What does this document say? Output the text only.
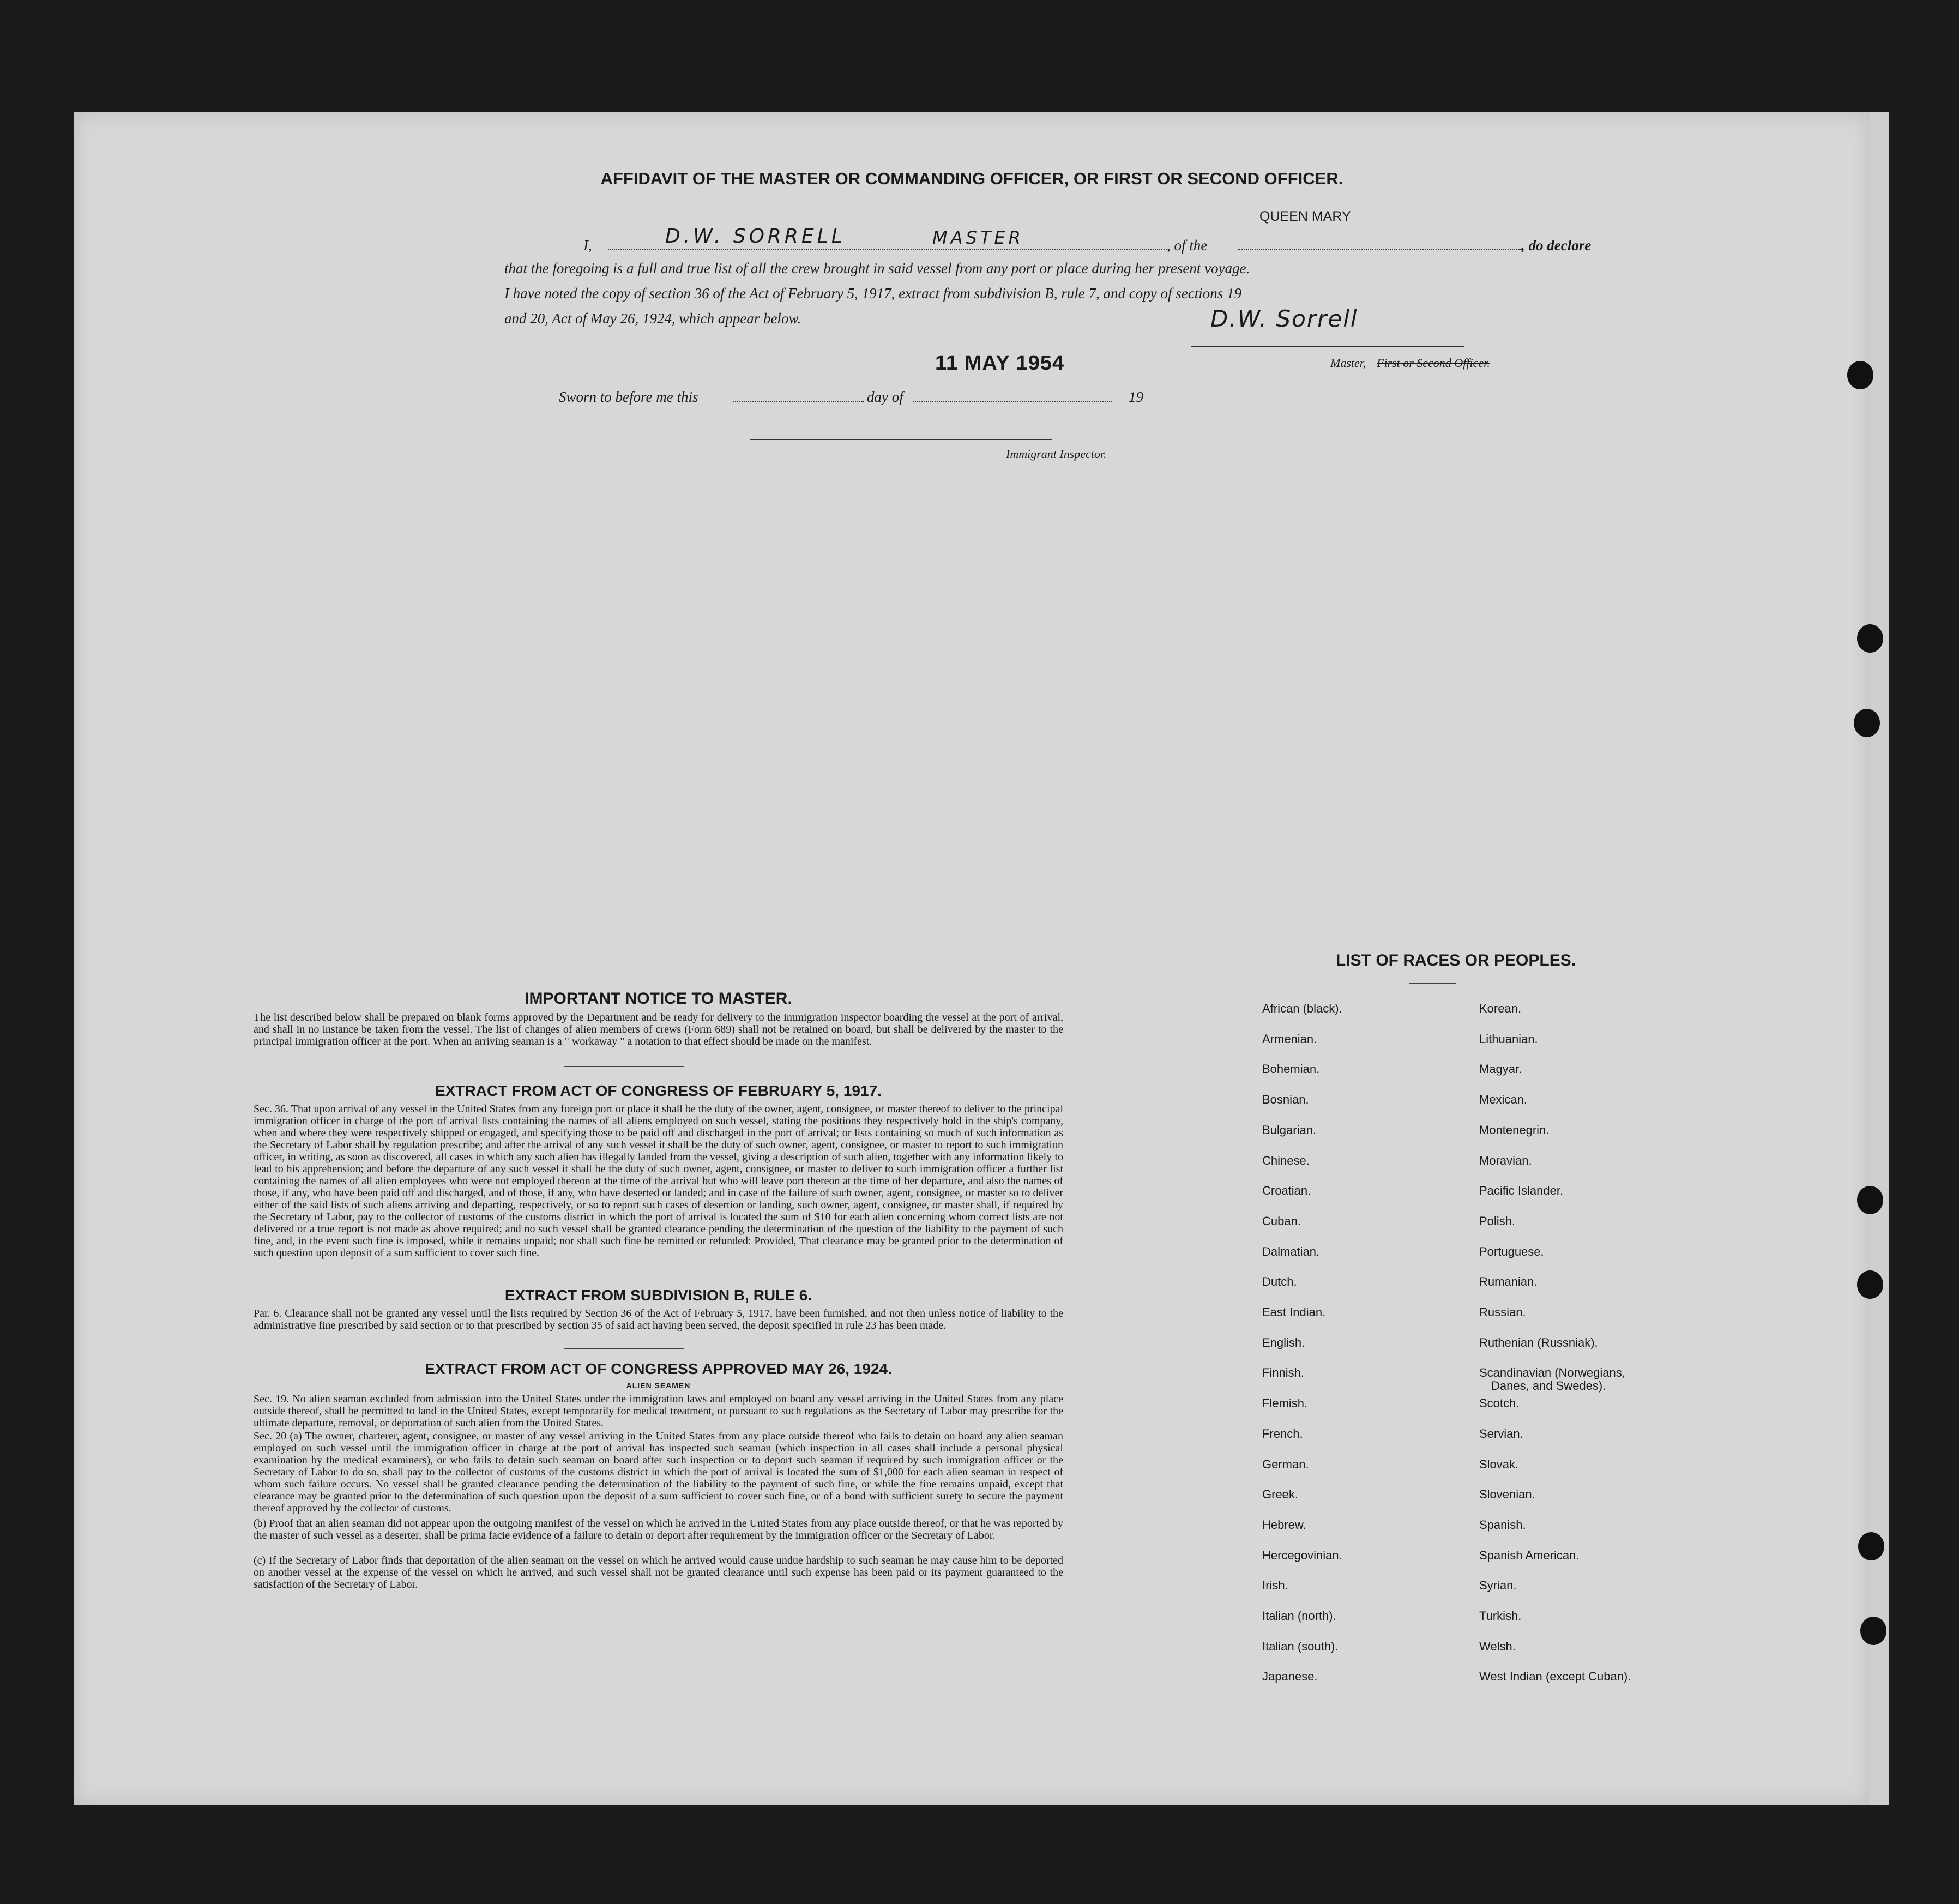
AFFIDAVIT OF THE MASTER OR COMMANDING OFFICER, OR FIRST OR SECOND OFFICER.
I,	D.W. SORRELL	MASTER	, of the
QUEEN MARY
, do declare
that the foregoing is a full and true list of all the crew brought in said vessel from any port or place during her present voyage.
I have noted the copy of section 36 of the Act of February 5, 1917, extract from subdivision B, rule 7, and copy of sections 19
and 20, Act of May 26, 1924, which appear below.	D.W. Sorrell
Master, First or Second Officer.
11 MAY 1954
Sworn to before me this	day of	19
Immigrant Inspector.
IMPORTANT NOTICE TO MASTER.
The list described below shall be prepared on blank forms approved by the Department and be ready for delivery to the immigration inspector boarding the vessel at the port of arrival, and shall in no instance be taken from the vessel. The list of changes of alien members of crews (Form 689) shall not be retained on board, but shall be delivered by the master to the principal immigration officer at the port. When an arriving seaman is a " workaway " a notation to that effect should be made on the manifest.
EXTRACT FROM ACT OF CONGRESS OF FEBRUARY 5, 1917.
Sec. 36. That upon arrival of any vessel in the United States from any foreign port or place it shall be the duty of the owner, agent, consignee, or master thereof to deliver to the principal immigration officer in charge of the port of arrival lists containing the names of all aliens employed on such vessel, stating the positions they respectively hold in the ship's company, when and where they were respectively shipped or engaged, and specifying those to be paid off and discharged in the port of arrival; or lists containing so much of such information as the Secretary of Labor shall by regulation prescribe; and after the arrival of any such vessel it shall be the duty of such owner, agent, consignee, or master to report to such immigration officer, in writing, as soon as discovered, all cases in which any such alien has illegally landed from the vessel, giving a description of such alien, together with any information likely to lead to his apprehension; and before the departure of any such vessel it shall be the duty of such owner, agent, consignee, or master to deliver to such immigration officer a further list containing the names of all alien employees who were not employed thereon at the time of the arrival but who will leave port thereon at the time of her departure, and also the names of those, if any, who have been paid off and discharged, and of those, if any, who have deserted or landed; and in case of the failure of such owner, agent, consignee, or master so to deliver either of the said lists of such aliens arriving and departing, respectively, or so to report such cases of desertion or landing, such owner, agent, consignee, or master shall, if required by the Secretary of Labor, pay to the collector of customs of the customs district in which the port of arrival is located the sum of $10 for each alien concerning whom correct lists are not delivered or a true report is not made as above required; and no such vessel shall be granted clearance pending the determination of the question of the liability to the payment of such fine, and, in the event such fine is imposed, while it remains unpaid; nor shall such fine be remitted or refunded: Provided, That clearance may be granted prior to the determination of such question upon deposit of a sum sufficient to cover such fine.
EXTRACT FROM SUBDIVISION B, RULE 6.
Par. 6. Clearance shall not be granted any vessel until the lists required by Section 36 of the Act of February 5, 1917, have been furnished, and not then unless notice of liability to the administrative fine prescribed by said section or to that prescribed by section 35 of said act having been served, the deposit specified in rule 23 has been made.
EXTRACT FROM ACT OF CONGRESS APPROVED MAY 26, 1924.
ALIEN SEAMEN
Sec. 19. No alien seaman excluded from admission into the United States under the immigration laws and employed on board any vessel arriving in the United States from any place outside thereof, shall be permitted to land in the United States, except temporarily for medical treatment, or pursuant to such regulations as the Secretary of Labor may prescribe for the ultimate departure, removal, or deportation of such alien from the United States.
Sec. 20 (a) The owner, charterer, agent, consignee, or master of any vessel arriving in the United States from any place outside thereof who fails to detain on board any alien seaman employed on such vessel until the immigration officer in charge at the port of arrival has inspected such seaman (which inspection in all cases shall include a personal physical examination by the medical examiners), or who fails to detain such seaman on board after such inspection or to deport such seaman if required by such immigration officer or the Secretary of Labor to do so, shall pay to the collector of customs of the customs district in which the port of arrival is located the sum of $1,000 for each alien seaman in respect of whom such failure occurs. No vessel shall be granted clearance pending the determination of the liability to the payment of such fine, or while the fine remains unpaid, except that clearance may be granted prior to the determination of such question upon the deposit of a sum sufficient to cover such fine, or of a bond with sufficient surety to secure the payment thereof approved by the collector of customs.
(b) Proof that an alien seaman did not appear upon the outgoing manifest of the vessel on which he arrived in the United States from any place outside thereof, or that he was reported by the master of such vessel as a deserter, shall be prima facie evidence of a failure to detain or deport after requirement by the immigration officer or the Secretary of Labor.
(c) If the Secretary of Labor finds that deportation of the alien seaman on the vessel on which he arrived would cause undue hardship to such seaman he may cause him to be deported on another vessel at the expense of the vessel on which he arrived, and such vessel shall not be granted clearance until such expense has been paid or its payment guaranteed to the satisfaction of the Secretary of Labor.
LIST OF RACES OR PEOPLES.
African (black).
Armenian.
Bohemian.
Bosnian.
Bulgarian.
Chinese.
Croatian.
Cuban.
Dalmatian.
Dutch.
East Indian.
English.
Finnish.
Flemish.
French.
German.
Greek.
Hebrew.
Hercegovinian.
Irish.
Italian (north).
Italian (south).
Japanese.
Korean.
Lithuanian.
Magyar.
Mexican.
Montenegrin.
Moravian.
Pacific Islander.
Polish.
Portuguese.
Rumanian.
Russian.
Ruthenian (Russniak).
Scandinavian (Norwegians,
Danes, and Swedes).
Scotch.
Servian.
Slovak.
Slovenian.
Spanish.
Spanish American.
Syrian.
Turkish.
Welsh.
West Indian (except Cuban).
